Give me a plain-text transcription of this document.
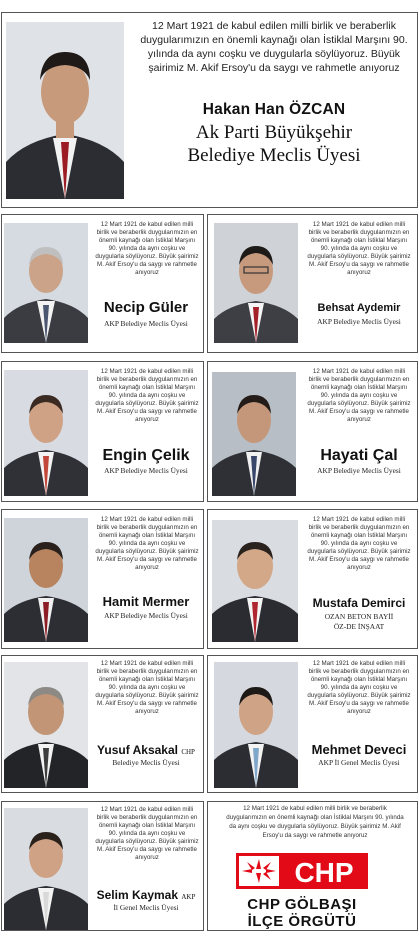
12 Mart 1921 de kabul edilen milli birlik ve beraberlik duygularımızın en önemli kaynağı olan İstiklal Marşını 90. yılında da aynı coşku ve duygularla söylüyoruz. Büyük şairimiz M. Akif Ersoy'u da saygı ve rahmetle anıyoruz
Hakan Han ÖZCAN
Ak Parti Büyükşehir
Belediye Meclis Üyesi
12 Mart 1921 de kabul edilen milli birlik ve beraberlik duygularımızın en önemli kaynağı olan İstiklal Marşını 90. yılında da aynı coşku ve duygularla söylüyoruz. Büyük şairimiz M. Akif Ersoy'u da saygı ve rahmetle anıyoruz
Necip Güler
AKP Belediye Meclis Üyesi
12 Mart 1921 de kabul edilen milli birlik ve beraberlik duygularımızın en önemli kaynağı olan İstiklal Marşını 90. yılında da aynı coşku ve duygularla söylüyoruz. Büyük şairimiz M. Akif Ersoy'u da saygı ve rahmetle anıyoruz
Behsat Aydemir
AKP Belediye Meclis Üyesi
12 Mart 1921 de kabul edilen milli birlik ve beraberlik duygularımızın en önemli kaynağı olan İstiklal Marşını 90. yılında da aynı coşku ve duygularla söylüyoruz. Büyük şairimiz M. Akif Ersoy'u da saygı ve rahmetle anıyoruz
Engin Çelik
AKP Belediye Meclis Üyesi
12 Mart 1921 de kabul edilen milli birlik ve beraberlik duygularımızın en önemli kaynağı olan İstiklal Marşını 90. yılında da aynı coşku ve duygularla söylüyoruz. Büyük şairimiz M. Akif Ersoy'u da saygı ve rahmetle anıyoruz
Hayati Çal
AKP Belediye Meclis Üyesi
12 Mart 1921 de kabul edilen milli birlik ve beraberlik duygularımızın en önemli kaynağı olan İstiklal Marşını 90. yılında da aynı coşku ve duygularla söylüyoruz. Büyük şairimiz M. Akif Ersoy'u da saygı ve rahmetle anıyoruz
Hamit Mermer
AKP Belediye Meclis Üyesi
12 Mart 1921 de kabul edilen milli birlik ve beraberlik duygularımızın en önemli kaynağı olan İstiklal Marşını 90. yılında da aynı coşku ve duygularla söylüyoruz. Büyük şairimiz M. Akif Ersoy'u da saygı ve rahmetle anıyoruz
Mustafa Demirci
OZAN BETON BAYİİ
ÖZ-DE İNŞAAT
12 Mart 1921 de kabul edilen milli birlik ve beraberlik duygularımızın en önemli kaynağı olan İstiklal Marşını 90. yılında da aynı coşku ve duygularla söylüyoruz. Büyük şairimiz M. Akif Ersoy'u da saygı ve rahmetle anıyoruz
Yusuf Aksakal CHP
Belediye Meclis Üyesi
12 Mart 1921 de kabul edilen milli birlik ve beraberlik duygularımızın en önemli kaynağı olan İstiklal Marşını 90. yılında da aynı coşku ve duygularla söylüyoruz. Büyük şairimiz M. Akif Ersoy'u da saygı ve rahmetle anıyoruz
Mehmet Deveci
AKP İl Genel Meclis Üyesi
12 Mart 1921 de kabul edilen milli birlik ve beraberlik duygularımızın en önemli kaynağı olan İstiklal Marşını 90. yılında da aynı coşku ve duygularla söylüyoruz. Büyük şairimiz M. Akif Ersoy'u da saygı ve rahmetle anıyoruz
Selim Kaymak AKP
İl Genel Meclis Üyesi
12 Mart 1921 de kabul edilen milli birlik ve beraberlik duygularımızın en önemli kaynağı olan İstiklal Marşını 90. yılında da aynı coşku ve duygularla söylüyoruz. Büyük şairimiz M. Akif Ersoy'u da saygı ve rahmetle anıyoruz
CHP
CHP GÖLBAŞI
İLÇE ÖRGÜTÜ
